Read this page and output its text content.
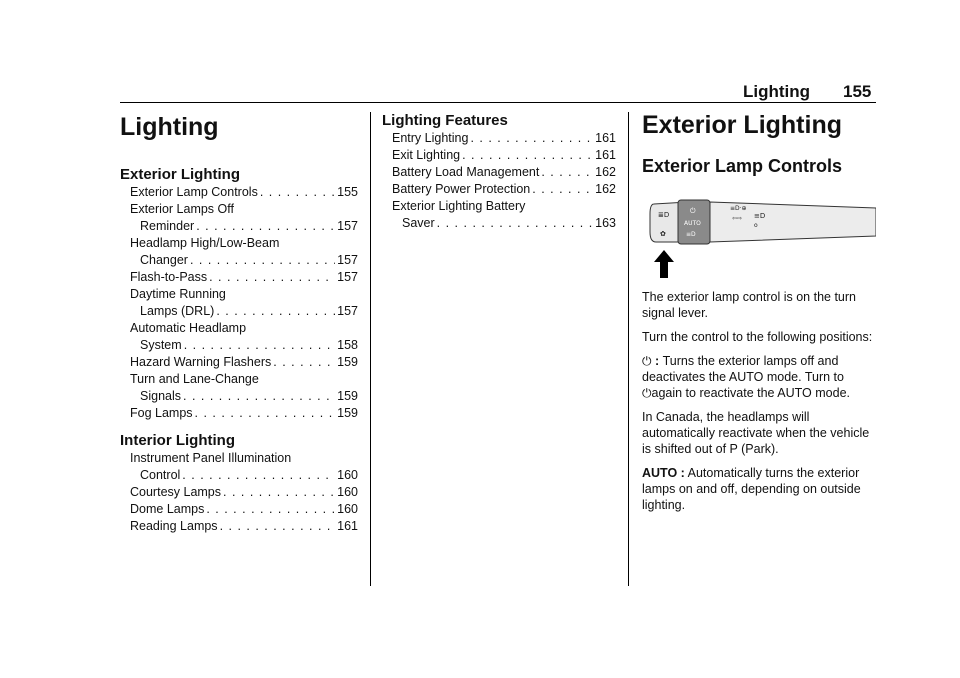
Lighting 155
Lighting
Exterior Lighting
Exterior Lamp Controls . . .	155
Exterior Lamps Off
Reminder . . .	157
Headlamp High/Low-Beam
Changer . . .	157
Flash-to-Pass . . .	157
Daytime Running
Lamps (DRL) . . .	157
Automatic Headlamp
System . . .	158
Hazard Warning Flashers . . .	159
Turn and Lane-Change
Signals . . .	159
Fog Lamps . . .	159
Interior Lighting
Instrument Panel Illumination
Control . . .	160
Courtesy Lamps . . .	160
Dome Lamps . . .	160
Reading Lamps . . .	161
Lighting Features
Entry Lighting . . .	161
Exit Lighting . . .	161
Battery Load Management . . .	162
Battery Power Protection . . .	162
Exterior Lighting Battery
Saver . . .	163
Exterior Lighting
Exterior Lamp Controls
≣D
✿
⏻
AUTO
≡D
≡D·⊕
⇦⇨ ≡D
o

The exterior lamp control is on the turn signal lever.

Turn the control to the following positions:

⏻ : Turns the exterior lamps off and deactivates the AUTO mode. Turn to ⏻again to reactivate the AUTO mode.

In Canada, the headlamps will automatically reactivate when the vehicle is shifted out of P (Park).

AUTO : Automatically turns the exterior lamps on and off, depending on outside lighting.
